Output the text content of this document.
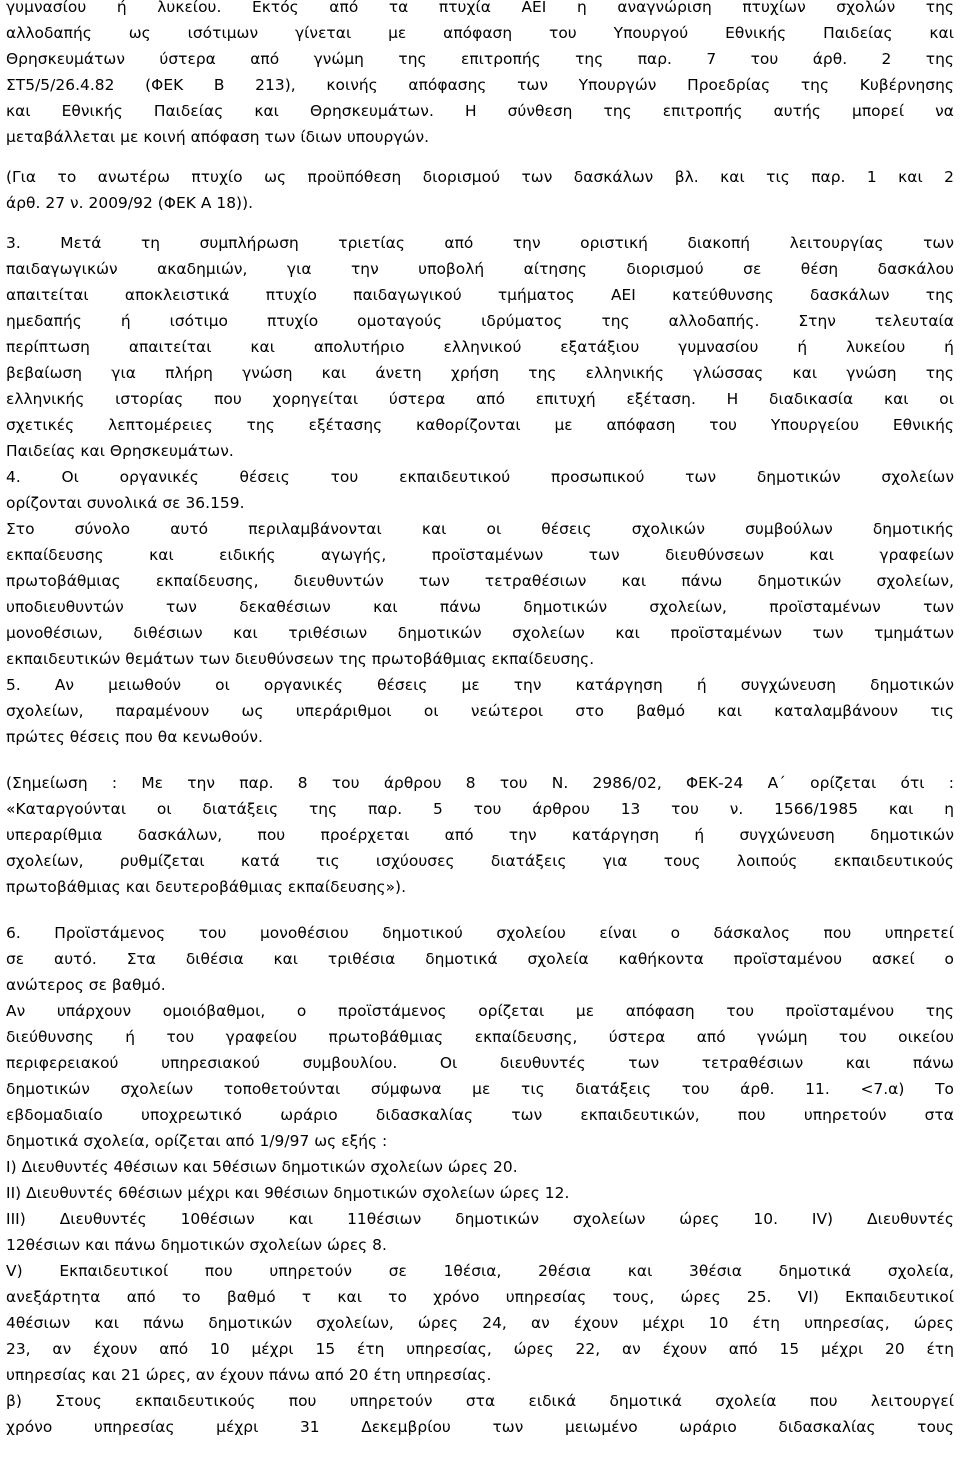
γυμνασίου ή λυκείου. Εκτός από τα πτυχία ΑΕΙ η αναγνώριση πτυχίων σχολών της
αλλοδαπής ως ισότιμων γίνεται με απόφαση του Υπουργού Εθνικής Παιδείας και
Θρησκευμάτων ύστερα από γνώμη της επιτροπής της παρ. 7 του άρθ. 2 της
ΣΤ5/5/26.4.82 (ΦΕΚ Β 213), κοινής απόφασης των Υπουργών Προεδρίας της Κυβέρνησης
και Εθνικής Παιδείας και Θρησκευμάτων. Η σύνθεση της επιτροπής αυτής μπορεί να
μεταβάλλεται με κοινή απόφαση των ίδιων υπουργών.
(Για το ανωτέρω πτυχίο ως προϋπόθεση διορισμού των δασκάλων βλ. και τις παρ. 1 και 2
άρθ. 27 ν. 2009/92 (ΦΕΚ Α 18)).
3. Μετά τη συμπλήρωση τριετίας από την οριστική διακοπή λειτουργίας των
παιδαγωγικών ακαδημιών, για την υποβολή αίτησης διορισμού σε θέση δασκάλου
απαιτείται αποκλειστικά πτυχίο παιδαγωγικού τμήματος ΑΕΙ κατεύθυνσης δασκάλων της
ημεδαπής ή ισότιμο πτυχίο ομοταγούς ιδρύματος της αλλοδαπής. Στην τελευταία
περίπτωση απαιτείται και απολυτήριο ελληνικού εξατάξιου γυμνασίου ή λυκείου ή
βεβαίωση για πλήρη γνώση και άνετη χρήση της ελληνικής γλώσσας και γνώση της
ελληνικής ιστορίας που χορηγείται ύστερα από επιτυχή εξέταση. Η διαδικασία και οι
σχετικές λεπτομέρειες της εξέτασης καθορίζονται με απόφαση του Υπουργείου Εθνικής
Παιδείας και Θρησκευμάτων.
4. Οι οργανικές θέσεις του εκπαιδευτικού προσωπικού των δημοτικών σχολείων
ορίζονται συνολικά σε 36.159.
Στο σύνολο αυτό περιλαμβάνονται και οι θέσεις σχολικών συμβούλων δημοτικής
εκπαίδευσης και ειδικής αγωγής, προϊσταμένων των διευθύνσεων και γραφείων
πρωτοβάθμιας εκπαίδευσης, διευθυντών των τετραθέσιων και πάνω δημοτικών σχολείων,
υποδιευθυντών των δεκαθέσιων και πάνω δημοτικών σχολείων, προϊσταμένων των
μονοθέσιων, διθέσιων και τριθέσιων δημοτικών σχολείων και προϊσταμένων των τμημάτων
εκπαιδευτικών θεμάτων των διευθύνσεων της πρωτοβάθμιας εκπαίδευσης.
5. Αν μειωθούν οι οργανικές θέσεις με την κατάργηση ή συγχώνευση δημοτικών
σχολείων, παραμένουν ως υπεράριθμοι οι νεώτεροι στο βαθμό και καταλαμβάνουν τις
πρώτες θέσεις που θα κενωθούν.
(Σημείωση : Με την παρ. 8 του άρθρου 8 του Ν. 2986/02, ΦΕΚ-24 Α΄ ορίζεται ότι :
«Καταργούνται οι διατάξεις της παρ. 5 του άρθρου 13 του ν. 1566/1985 και η
υπεραρίθμια δασκάλων, που προέρχεται από την κατάργηση ή συγχώνευση δημοτικών
σχολείων, ρυθμίζεται κατά τις ισχύουσες διατάξεις για τους λοιπούς εκπαιδευτικούς
πρωτοβάθμιας και δευτεροβάθμιας εκπαίδευσης»).
6. Προϊστάμενος του μονοθέσιου δημοτικού σχολείου είναι ο δάσκαλος που υπηρετεί
σε αυτό. Στα διθέσια και τριθέσια δημοτικά σχολεία καθήκοντα προϊσταμένου ασκεί ο
ανώτερος σε βαθμό.
Αν υπάρχουν ομοιόβαθμοι, ο προϊστάμενος ορίζεται με απόφαση του προϊσταμένου της
διεύθυνσης ή του γραφείου πρωτοβάθμιας εκπαίδευσης, ύστερα από γνώμη του οικείου
περιφερειακού υπηρεσιακού συμβουλίου. Οι διευθυντές των τετραθέσιων και πάνω
δημοτικών σχολείων τοποθετούνται σύμφωνα με τις διατάξεις του άρθ. 11. <7.α) Το
εβδομαδιαίο υποχρεωτικό ωράριο διδασκαλίας των εκπαιδευτικών, που υπηρετούν στα
δημοτικά σχολεία, ορίζεται από 1/9/97 ως εξής :
Ι) Διευθυντές 4θέσιων και 5θέσιων δημοτικών σχολείων ώρες 20.
ΙΙ) Διευθυντές 6θέσιων μέχρι και 9θέσιων δημοτικών σχολείων ώρες 12.
ΙΙΙ) Διευθυντές 10θέσιων και 11θέσιων δημοτικών σχολείων ώρες 10. ΙV) Διευθυντές
12θέσιων και πάνω δημοτικών σχολείων ώρες 8.
V) Εκπαιδευτικοί που υπηρετούν σε 1θέσια, 2θέσια και 3θέσια δημοτικά σχολεία,
ανεξάρτητα από το βαθμό τ και το χρόνο υπηρεσίας τους, ώρες 25. VI) Εκπαιδευτικοί
4θέσιων και πάνω δημοτικών σχολείων, ώρες 24, αν έχουν μέχρι 10 έτη υπηρεσίας, ώρες
23, αν έχουν από 10 μέχρι 15 έτη υπηρεσίας, ώρες 22, αν έχουν από 15 μέχρι 20 έτη
υπηρεσίας και 21 ώρες, αν έχουν πάνω από 20 έτη υπηρεσίας.
β) Στους εκπαιδευτικούς που υπηρετούν στα ειδικά δημοτικά σχολεία που λειτουργεί
χρόνο υπηρεσίας μέχρι 31 Δεκεμβρίου των μειωμένο ωράριο διδασκαλίας τους
